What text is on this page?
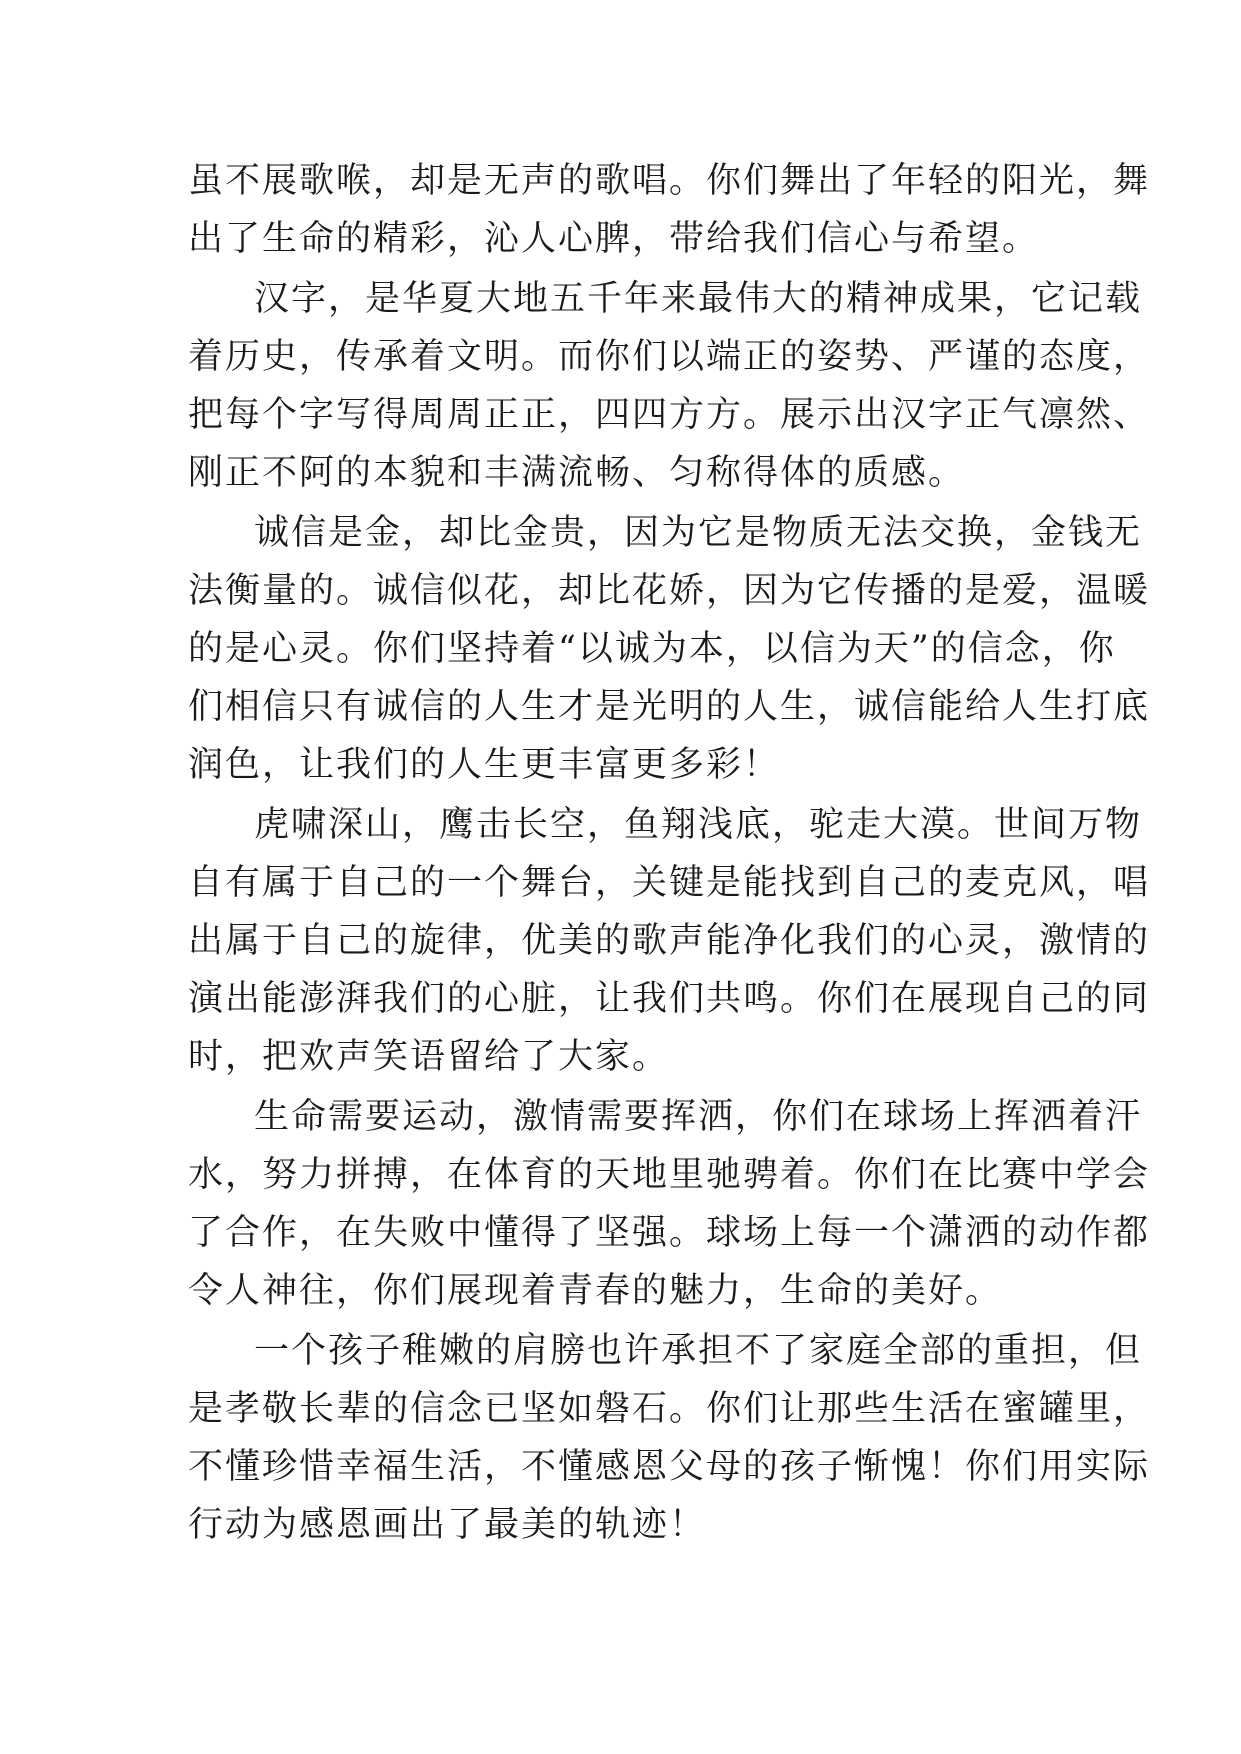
虽不展歌喉，却是无声的歌唱。你们舞出了年轻的阳光，舞
出了生命的精彩，沁人心脾，带给我们信心与希望。
汉字，是华夏大地五千年来最伟大的精神成果，它记载
着历史，传承着文明。而你们以端正的姿势、严谨的态度，
把每个字写得周周正正，四四方方。展示出汉字正气凛然、
刚正不阿的本貌和丰满流畅、匀称得体的质感。
诚信是金，却比金贵，因为它是物质无法交换，金钱无
法衡量的。诚信似花，却比花娇，因为它传播的是爱，温暖
的是心灵。你们坚持着“以诚为本，以信为天”的信念，你
们相信只有诚信的人生才是光明的人生，诚信能给人生打底
润色，让我们的人生更丰富更多彩！
虎啸深山，鹰击长空，鱼翔浅底，驼走大漠。世间万物
自有属于自己的一个舞台，关键是能找到自己的麦克风，唱
出属于自己的旋律，优美的歌声能净化我们的心灵，激情的
演出能澎湃我们的心脏，让我们共鸣。你们在展现自己的同
时，把欢声笑语留给了大家。
生命需要运动，激情需要挥洒，你们在球场上挥洒着汗
水，努力拼搏，在体育的天地里驰骋着。你们在比赛中学会
了合作，在失败中懂得了坚强。球场上每一个潇洒的动作都
令人神往，你们展现着青春的魅力，生命的美好。
一个孩子稚嫩的肩膀也许承担不了家庭全部的重担，但
是孝敬长辈的信念已坚如磐石。你们让那些生活在蜜罐里，
不懂珍惜幸福生活，不懂感恩父母的孩子惭愧！你们用实际
行动为感恩画出了最美的轨迹！
